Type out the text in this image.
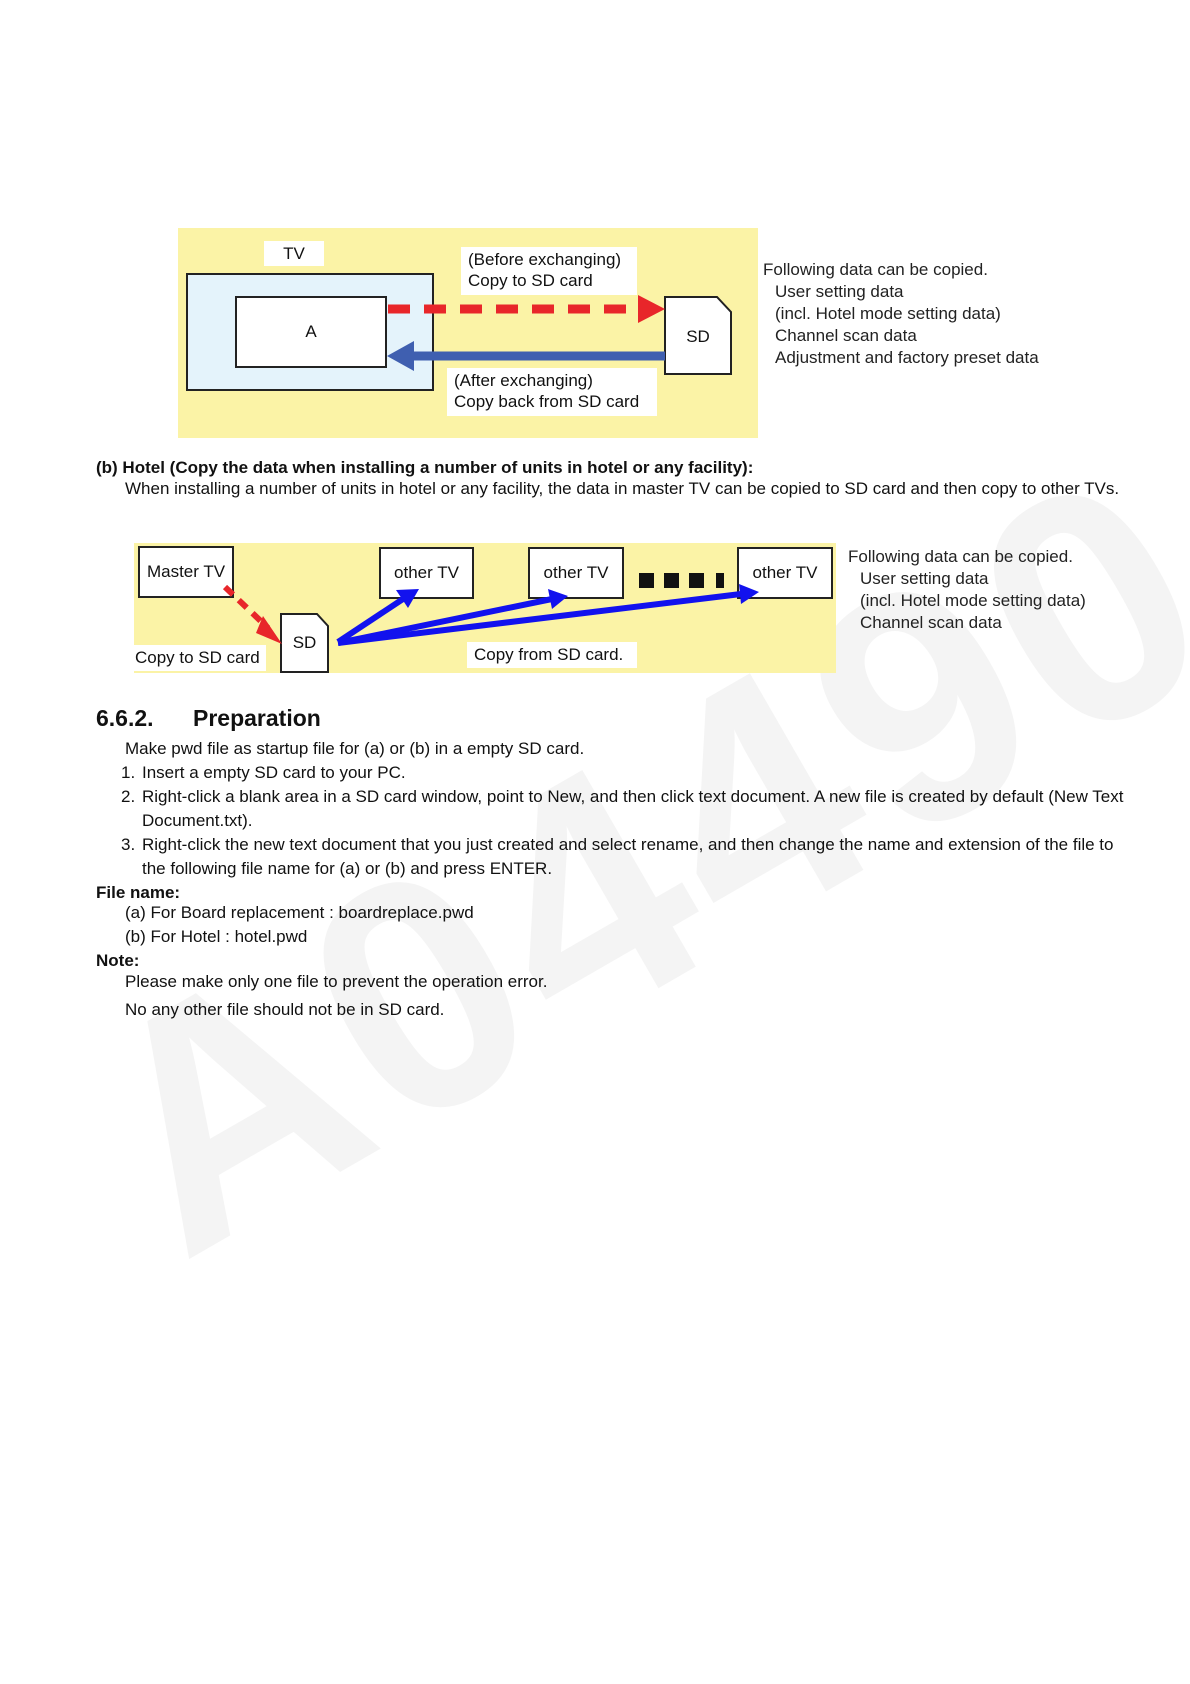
TV
A
(Before exchanging)
Copy to SD card
(After exchanging)
Copy back from SD card
SD
Following data can be copied.
User setting data
(incl. Hotel mode setting data)
Channel scan data
Adjustment and factory preset data
(b) Hotel (Copy the data when installing a number of units in hotel or any facility):
When installing a number of units in hotel or any facility, the data in master TV can be copied to SD card and then copy to other TVs.
Master TV	other TV	other TV	other TV
SD
Copy to SD card	Copy from SD card.
Following data can be copied.
User setting data
(incl. Hotel mode setting data)
Channel scan data
6.6.2. Preparation
Make pwd file as startup file for (a) or (b) in a empty SD card.
1. Insert a empty SD card to your PC.
2. Right-click a blank area in a SD card window, point to New, and then click text document. A new file is created by default (New Text Document.txt).
3. Right-click the new text document that you just created and select rename, and then change the name and extension of the file to the following file name for (a) or (b) and press ENTER.
File name:
(a) For Board replacement : boardreplace.pwd
(b) For Hotel : hotel.pwd
Note:
Please make only one file to prevent the operation error.
No any other file should not be in SD card.
